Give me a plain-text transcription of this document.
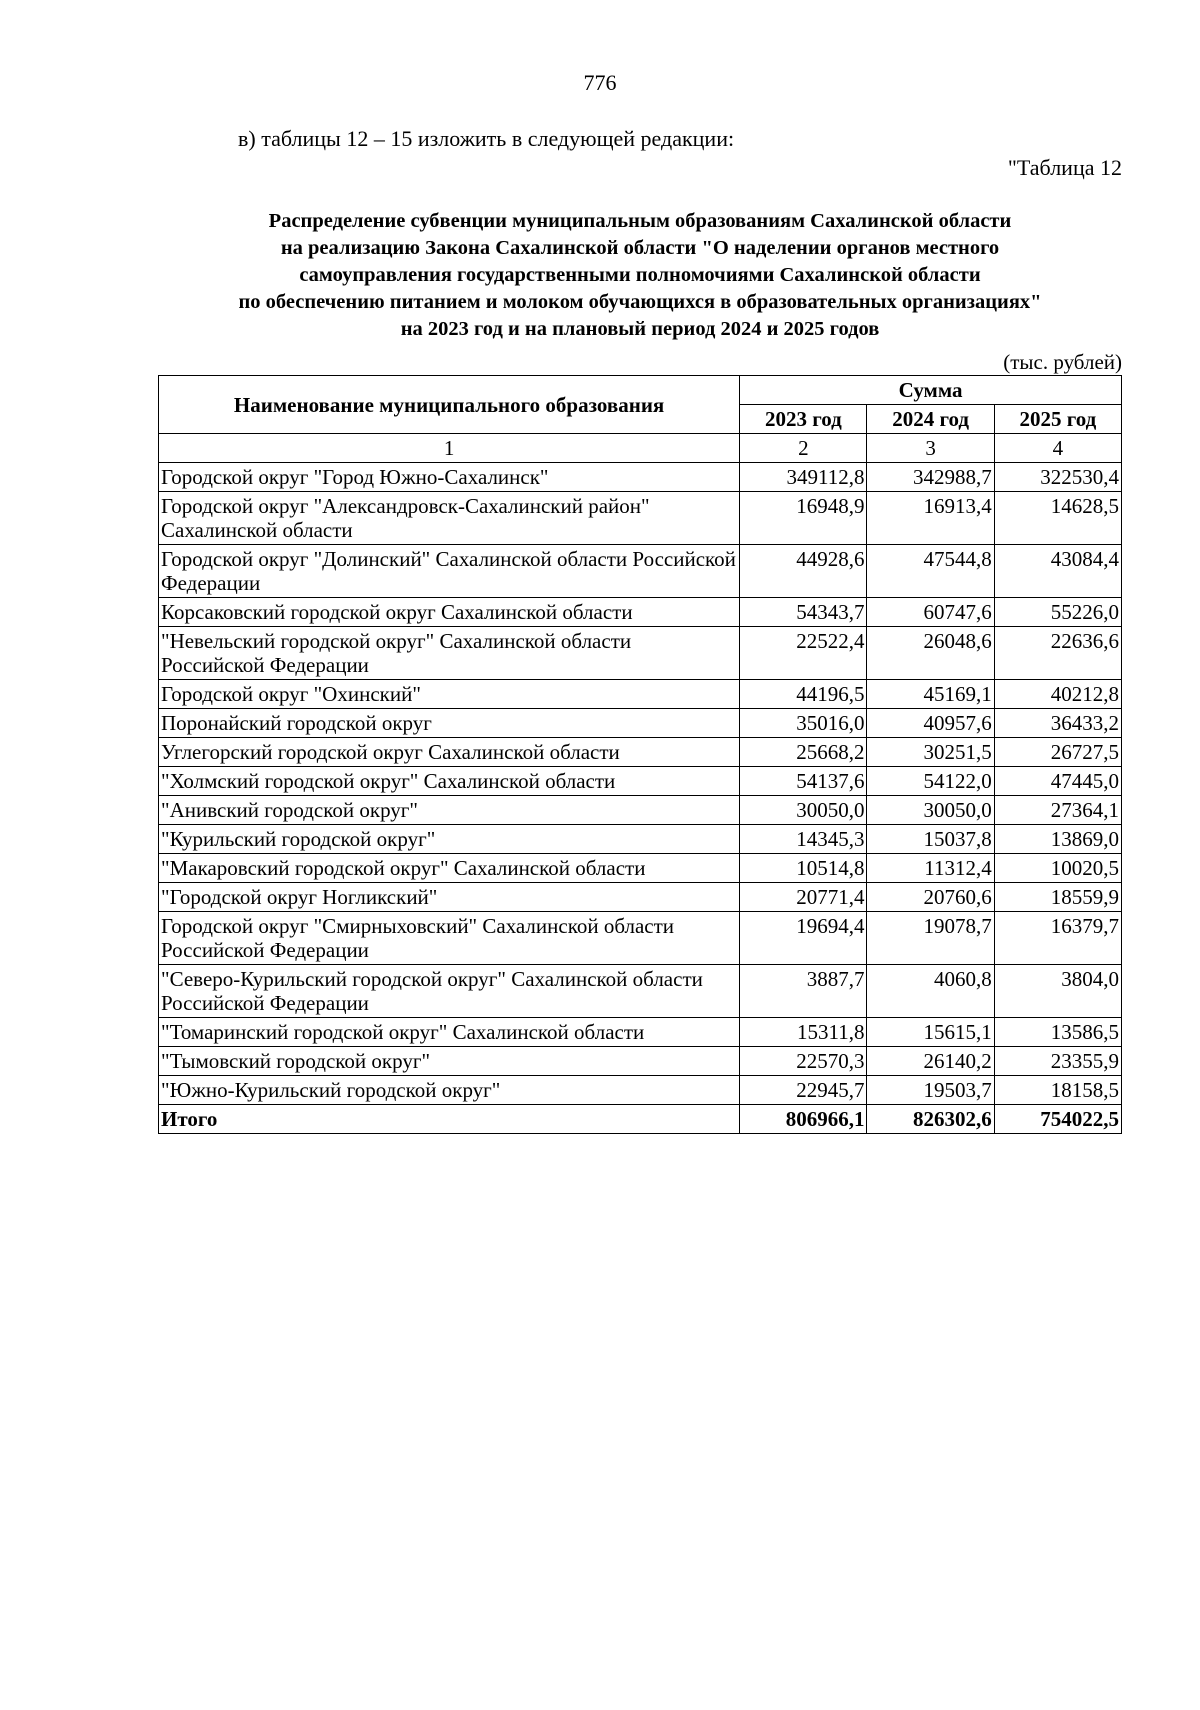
776
в) таблицы 12 – 15 изложить в следующей редакции:
"Таблица 12
Распределение субвенции муниципальным образованиям Сахалинской области
на реализацию Закона Сахалинской области "О наделении органов местного
самоуправления государственными полномочиями Сахалинской области
по обеспечению питанием и молоком обучающихся в образовательных организациях"
на 2023 год и на плановый период 2024 и 2025 годов
(тыс. рублей)
Наименование муниципального образования	Сумма		
	2023 год	2024 год	2025 год
1	2	3	4
Городской округ "Город Южно-Сахалинск"	349112,8	342988,7	322530,4
Городской округ "Александровск-Сахалинский район" Сахалинской области	16948,9	16913,4	14628,5
Городской округ "Долинский" Сахалинской области Российской Федерации	44928,6	47544,8	43084,4
Корсаковский городской округ Сахалинской области	54343,7	60747,6	55226,0
"Невельский городской округ" Сахалинской области Российской Федерации	22522,4	26048,6	22636,6
Городской округ "Охинский"	44196,5	45169,1	40212,8
Поронайский городской округ	35016,0	40957,6	36433,2
Углегорский городской округ Сахалинской области	25668,2	30251,5	26727,5
"Холмский городской округ" Сахалинской области	54137,6	54122,0	47445,0
"Анивский городской округ"	30050,0	30050,0	27364,1
"Курильский городской округ"	14345,3	15037,8	13869,0
"Макаровский городской округ" Сахалинской области	10514,8	11312,4	10020,5
"Городской округ Ногликский"	20771,4	20760,6	18559,9
Городской округ "Смирныховский" Сахалинской области Российской Федерации	19694,4	19078,7	16379,7
"Северо-Курильский городской округ" Сахалинской области Российской Федерации	3887,7	4060,8	3804,0
"Томаринский городской округ" Сахалинской области	15311,8	15615,1	13586,5
"Тымовский городской округ"	22570,3	26140,2	23355,9
"Южно-Курильский городской округ"	22945,7	19503,7	18158,5
Итого	806966,1	826302,6	754022,5
